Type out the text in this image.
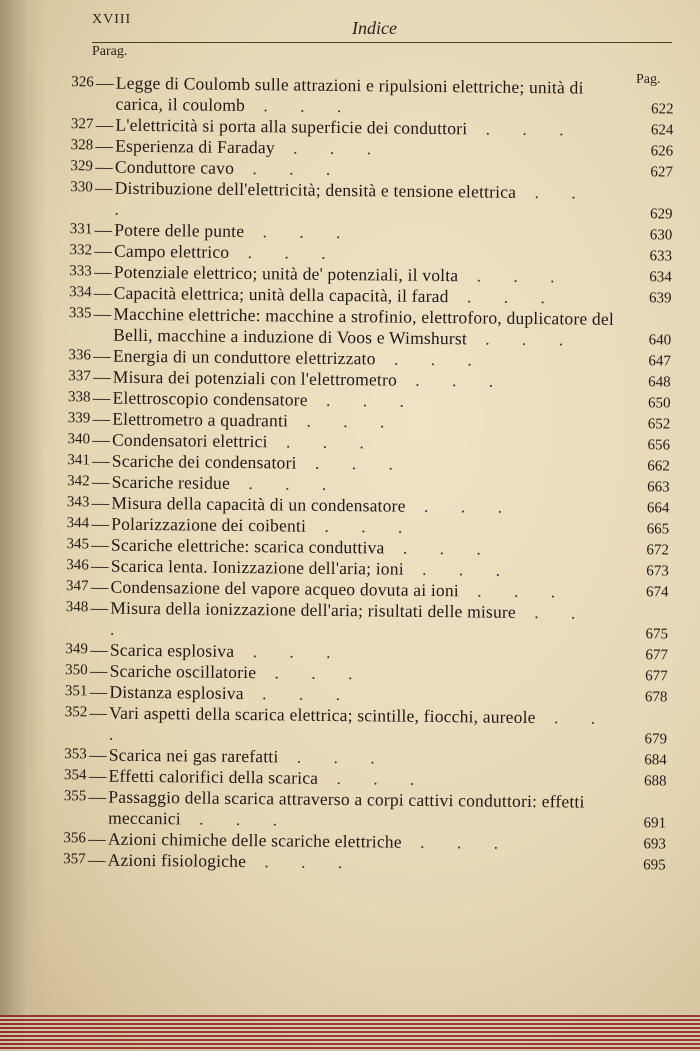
XVIII	Indice
Parag.
Pag.
326 — Legge di Coulomb sulle attrazioni e ripulsioni elettriche; unità di carica, il coulomb . . .	622
327 — L'elettricità si porta alla superficie dei conduttori . . .	624
328 — Esperienza di Faraday . . .	626
329 — Conduttore cavo . . .	627
330 — Distribuzione dell'elettricità; densità e tensione elettrica . . .	629
331 — Potere delle punte . . .	630
332 — Campo elettrico . . .	633
333 — Potenziale elettrico; unità de' potenziali, il volta . . .	634
334 — Capacità elettrica; unità della capacità, il farad . . .	639
335 — Macchine elettriche: macchine a strofinio, elettroforo, duplicatore del Belli, macchine a induzione di Voos e Wimshurst . . .	640
336 — Energia di un conduttore elettrizzato . . .	647
337 — Misura dei potenziali con l'elettrometro . . .	648
338 — Elettroscopio condensatore . . .	650
339 — Elettrometro a quadranti . . .	652
340 — Condensatori elettrici . . .	656
341 — Scariche dei condensatori . . .	662
342 — Scariche residue . . .	663
343 — Misura della capacità di un condensatore . . .	664
344 — Polarizzazione dei coibenti . . .	665
345 — Scariche elettriche: scarica conduttiva . . .	672
346 — Scarica lenta. Ionizzazione dell'aria; ioni . . .	673
347 — Condensazione del vapore acqueo dovuta ai ioni . . .	674
348 — Misura della ionizzazione dell'aria; risultati delle misure . . .	675
349 — Scarica esplosiva . . .	677
350 — Scariche oscillatorie . . .	677
351 — Distanza esplosiva . . .	678
352 — Vari aspetti della scarica elettrica; scintille, fiocchi, aureole . . .	679
353 — Scarica nei gas rarefatti . . .	684
354 — Effetti calorifici della scarica . . .	688
355 — Passaggio della scarica attraverso a corpi cattivi conduttori: effetti meccanici . . .	691
356 — Azioni chimiche delle scariche elettriche . . .	693
357 — Azioni fisiologiche . . .	695
